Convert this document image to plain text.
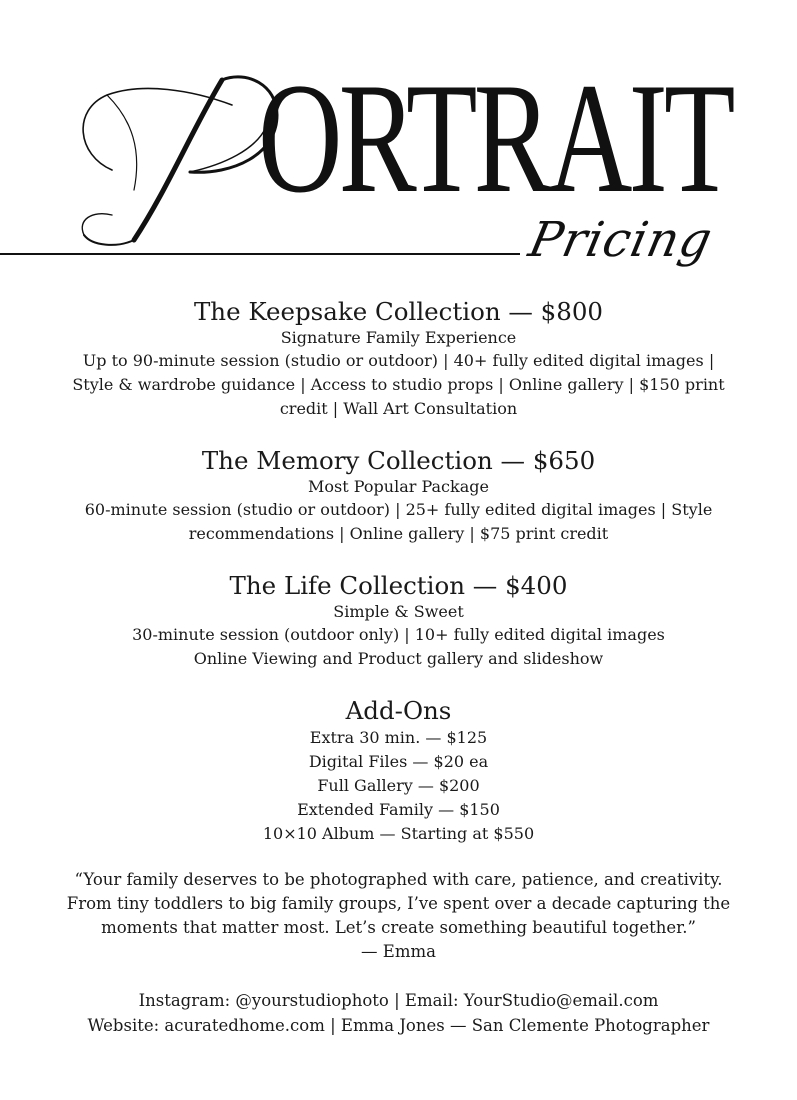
ORTRAIT
Pricing
The Keepsake Collection — $800
Signature Family Experience
Up to 90-minute session (studio or outdoor) | 40+ fully edited digital images | Style & wardrobe guidance | Access to studio props | Online gallery | $150 print credit | Wall Art Consultation
The Memory Collection — $650
Most Popular Package
60-minute session (studio or outdoor) | 25+ fully edited digital images | Style recommendations | Online gallery | $75 print credit
The Life Collection — $400
Simple & Sweet
30-minute session (outdoor only) | 10+ fully edited digital images Online Viewing and Product gallery and slideshow
Add-Ons
Extra 30 min. — $125
Digital Files — $20 ea
Full Gallery — $200
Extended Family — $150
10×10 Album — Starting at $550
“Your family deserves to be photographed with care, patience, and creativity. From tiny toddlers to big family groups, I’ve spent over a decade capturing the moments that matter most. Let’s create something beautiful together.”
— Emma
Instagram: @yourstudiophoto | Email: YourStudio@email.com
Website: acuratedhome.com | Emma Jones — San Clemente Photographer
